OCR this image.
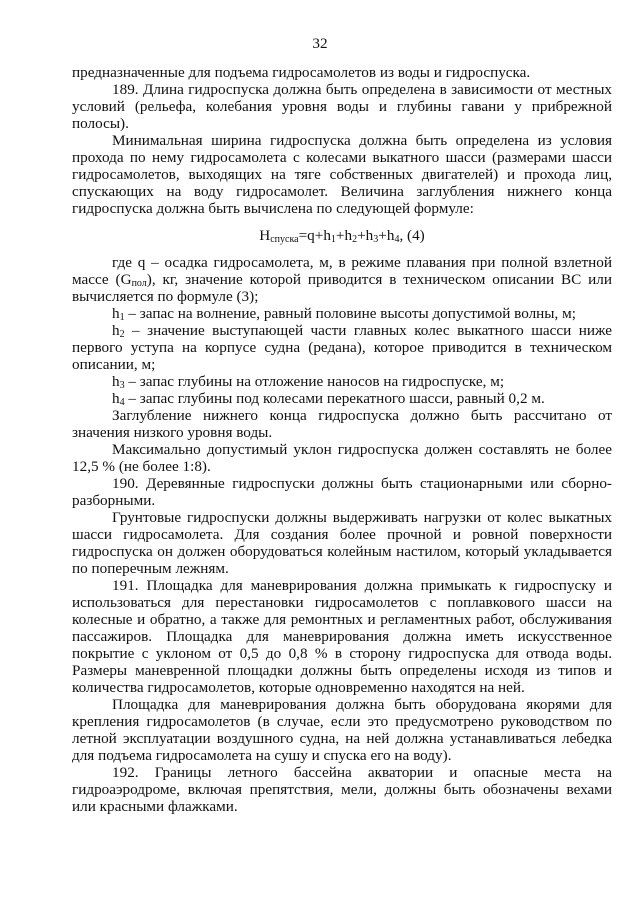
32

предназначенные для подъема гидросамолетов из воды и гидроспуска.

189. Длина гидроспуска должна быть определена в зависимости от местных условий (рельефа, колебания уровня воды и глубины гавани у прибрежной полосы).

Минимальная ширина гидроспуска должна быть определена из условия прохода по нему гидросамолета с колесами выкатного шасси (размерами шасси гидросамолетов, выходящих на тяге собственных двигателей) и прохода лиц, спускающих на воду гидросамолет. Величина заглубления нижнего конца гидроспуска должна быть вычислена по следующей формуле:

$H_{спуска}=q+h_1+h_2+h_3+h_4$, (4)

где q – осадка гидросамолета, м, в режиме плавания при полной взлетной массе $(G_{пол})$, кг, значение которой приводится в техническом описании ВС или вычисляется по формуле (3);

$h_1$ – запас на волнение, равный половине высоты допустимой волны, м;

$h_2$ – значение выступающей части главных колес выкатного шасси ниже первого уступа на корпусе судна (редана), которое приводится в техническом описании, м;

$h_3$ – запас глубины на отложение наносов на гидроспуске, м;

$h_4$ – запас глубины под колесами перекатного шасси, равный 0,2 м.

Заглубление нижнего конца гидроспуска должно быть рассчитано от значения низкого уровня воды.

Максимально допустимый уклон гидроспуска должен составлять не более 12,5 % (не более 1:8).

190. Деревянные гидроспуски должны быть стационарными или сборно-разборными.

Грунтовые гидроспуски должны выдерживать нагрузки от колес выкатных шасси гидросамолета. Для создания более прочной и ровной поверхности гидроспуска он должен оборудоваться колейным настилом, который укладывается по поперечным лежням.

191. Площадка для маневрирования должна примыкать к гидроспуску и использоваться для перестановки гидросамолетов с поплавкового шасси на колесные и обратно, а также для ремонтных и регламентных работ, обслуживания пассажиров. Площадка для маневрирования должна иметь искусственное покрытие с уклоном от 0,5 до 0,8 % в сторону гидроспуска для отвода воды. Размеры маневренной площадки должны быть определены исходя из типов и количества гидросамолетов, которые одновременно находятся на ней.

Площадка для маневрирования должна быть оборудована якорями для крепления гидросамолетов (в случае, если это предусмотрено руководством по летной эксплуатации воздушного судна, на ней должна устанавливаться лебедка для подъема гидросамолета на сушу и спуска его на воду).

192. Границы летного бассейна акватории и опасные места на гидроаэродроме, включая препятствия, мели, должны быть обозначены вехами или красными флажками.
